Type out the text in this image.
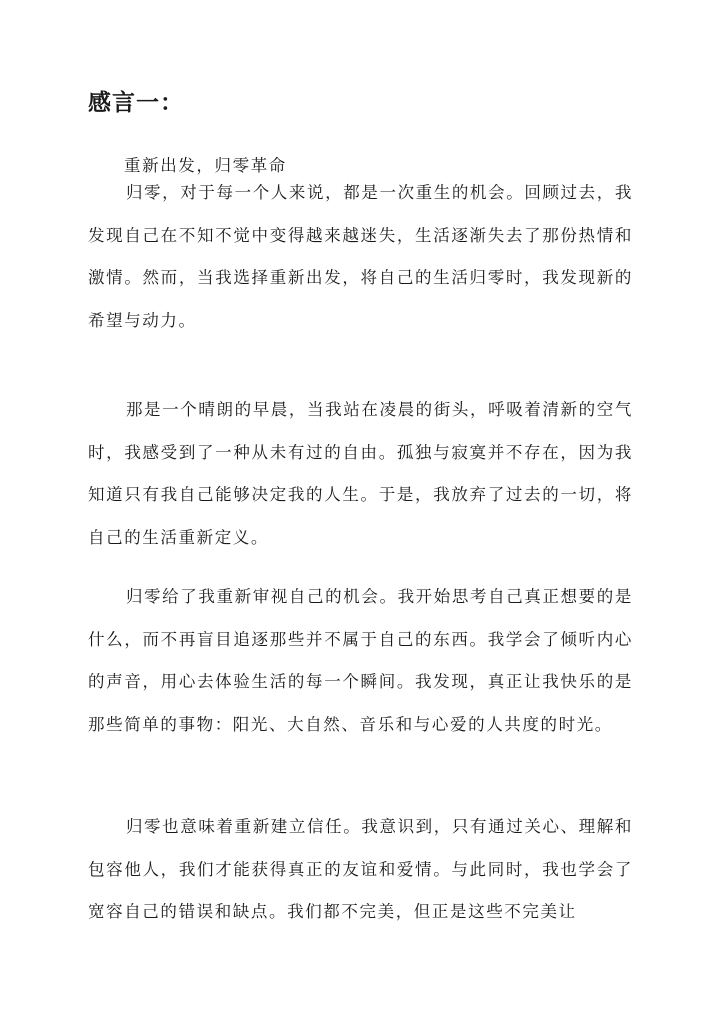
感言一：
重新出发，归零革命

归零，对于每一个人来说，都是一次重生的机会。回顾过去，我发现自己在不知不觉中变得越来越迷失，生活逐渐失去了那份热情和激情。然而，当我选择重新出发，将自己的生活归零时，我发现新的希望与动力。

那是一个晴朗的早晨，当我站在凌晨的街头，呼吸着清新的空气时，我感受到了一种从未有过的自由。孤独与寂寞并不存在，因为我知道只有我自己能够决定我的人生。于是，我放弃了过去的一切，将自己的生活重新定义。

归零给了我重新审视自己的机会。我开始思考自己真正想要的是什么，而不再盲目追逐那些并不属于自己的东西。我学会了倾听内心的声音，用心去体验生活的每一个瞬间。我发现，真正让我快乐的是那些简单的事物：阳光、大自然、音乐和与心爱的人共度的时光。

归零也意味着重新建立信任。我意识到，只有通过关心、理解和包容他人，我们才能获得真正的友谊和爱情。与此同时，我也学会了宽容自己的错误和缺点。我们都不完美，但正是这些不完美让
